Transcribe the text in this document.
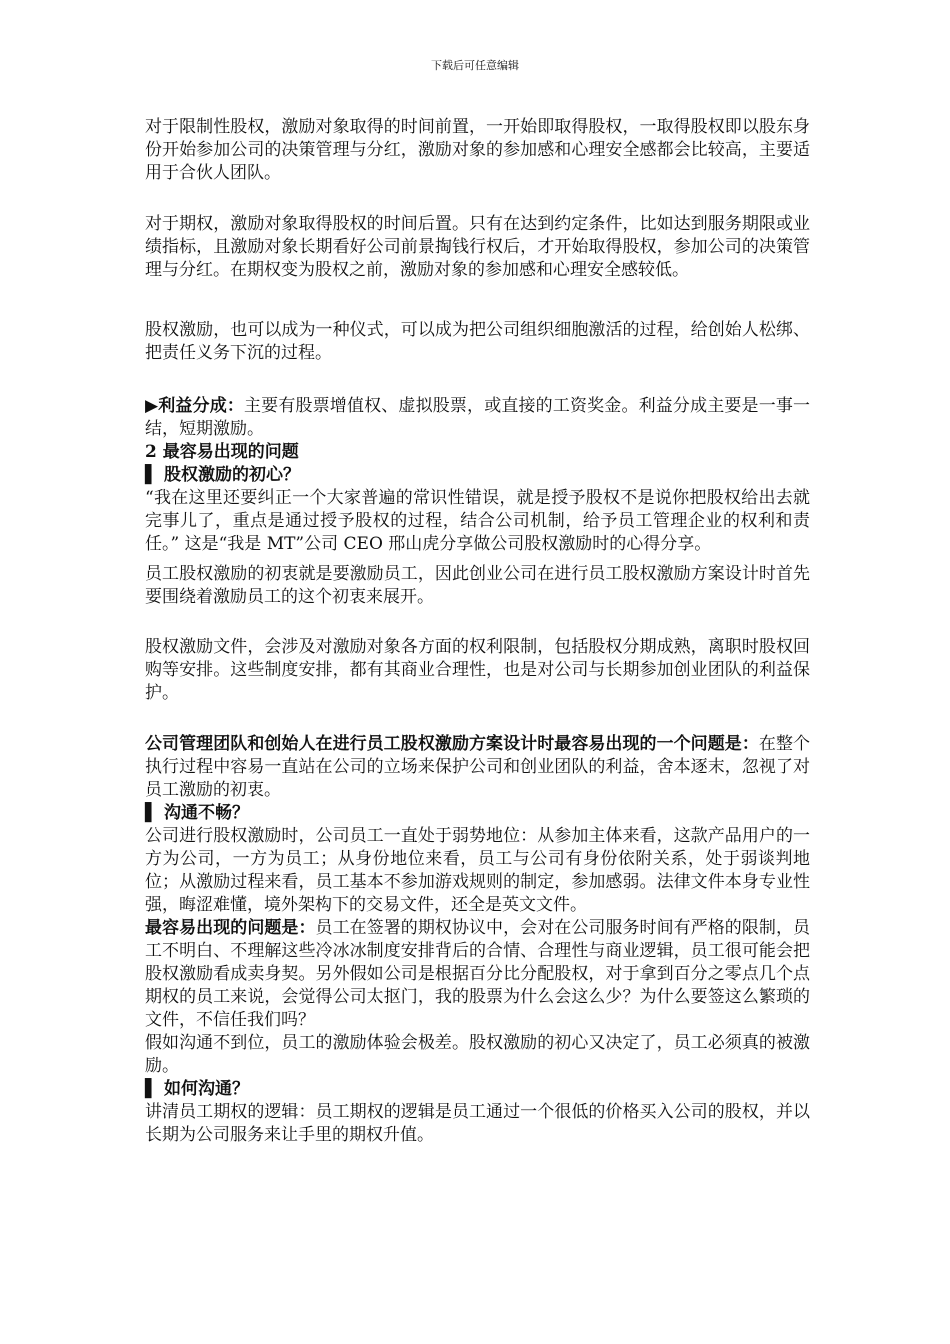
下载后可任意编辑

对于限制性股权，激励对象取得的时间前置，一开始即取得股权，一取得股权即以股东身份开始参加公司的决策管理与分红，激励对象的参加感和心理安全感都会比较高，主要适用于合伙人团队。

对于期权，激励对象取得股权的时间后置。只有在达到约定条件，比如达到服务期限或业绩指标，且激励对象长期看好公司前景掏钱行权后，才开始取得股权，参加公司的决策管理与分红。在期权变为股权之前，激励对象的参加感和心理安全感较低。

股权激励，也可以成为一种仪式，可以成为把公司组织细胞激活的过程，给创始人松绑、把责任义务下沉的过程。

▶利益分成：主要有股票增值权、虚拟股票，或直接的工资奖金。利益分成主要是一事一结，短期激励。

2 最容易出现的问题

▌ 股权激励的初心？

“我在这里还要纠正一个大家普遍的常识性错误，就是授予股权不是说你把股权给出去就完事儿了，重点是通过授予股权的过程，结合公司机制，给予员工管理企业的权利和责任。” 这是“我是 MT”公司 CEO 邢山虎分享做公司股权激励时的心得分享。

员工股权激励的初衷就是要激励员工，因此创业公司在进行员工股权激励方案设计时首先要围绕着激励员工的这个初衷来展开。

股权激励文件，会涉及对激励对象各方面的权利限制，包括股权分期成熟，离职时股权回购等安排。这些制度安排，都有其商业合理性，也是对公司与长期参加创业团队的利益保护。

公司管理团队和创始人在进行员工股权激励方案设计时最容易出现的一个问题是：在整个执行过程中容易一直站在公司的立场来保护公司和创业团队的利益，舍本逐末，忽视了对员工激励的初衷。

▌ 沟通不畅？

公司进行股权激励时，公司员工一直处于弱势地位：从参加主体来看，这款产品用户的一方为公司，一方为员工；从身份地位来看，员工与公司有身份依附关系，处于弱谈判地位；从激励过程来看，员工基本不参加游戏规则的制定，参加感弱。法律文件本身专业性强，晦涩难懂，境外架构下的交易文件，还全是英文文件。

最容易出现的问题是：员工在签署的期权协议中，会对在公司服务时间有严格的限制，员工不明白、不理解这些冷冰冰制度安排背后的合情、合理性与商业逻辑，员工很可能会把股权激励看成卖身契。另外假如公司是根据百分比分配股权，对于拿到百分之零点几个点期权的员工来说，会觉得公司太抠门，我的股票为什么会这么少？为什么要签这么繁琐的文件，不信任我们吗？

假如沟通不到位，员工的激励体验会极差。股权激励的初心又决定了，员工必须真的被激励。

▌ 如何沟通？

讲清员工期权的逻辑：员工期权的逻辑是员工通过一个很低的价格买入公司的股权，并以长期为公司服务来让手里的期权升值。
